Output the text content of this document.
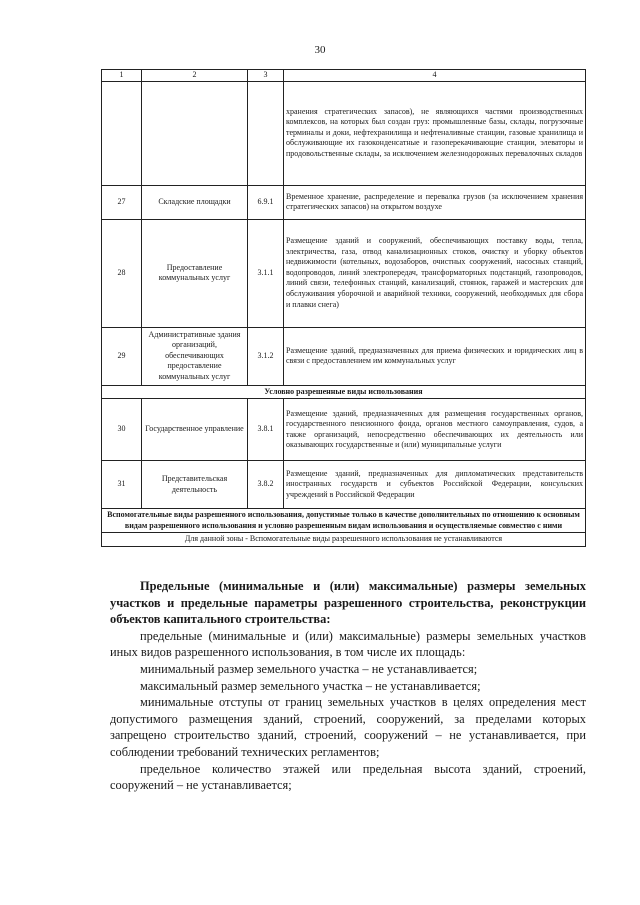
30
1	2	3	4
			хранения стратегических запасов), не являющихся частями производственных комплексов, на которых был создан груз: промышленные базы, склады, погрузочные терминалы и доки, нефтехранилища и нефтеналивные станции, газовые хранилища и обслуживающие их газоконденсатные и газоперекачивающие станции, элеваторы и продовольственные склады, за исключением железнодорожных перевалочных складов
27	Складские площадки	6.9.1	Временное хранение, распределение и перевалка грузов (за исключением хранения стратегических запасов) на открытом воздухе
28	Предоставление коммунальных услуг	3.1.1	Размещение зданий и сооружений, обеспечивающих поставку воды, тепла, электричества, газа, отвод канализационных стоков, очистку и уборку объектов недвижимости (котельных, водозаборов, очистных сооружений, насосных станций, водопроводов, линий электропередач, трансформаторных подстанций, газопроводов, линий связи, телефонных станций, канализаций, стоянок, гаражей и мастерских для обслуживания уборочной и аварийной техники, сооружений, необходимых для сбора и плавки снега)
29	Административные здания организаций, обеспечивающих предоставление коммунальных услуг	3.1.2	Размещение зданий, предназначенных для приема физических и юридических лиц в связи с предоставлением им коммунальных услуг
Условно разрешенные виды использования			
30	Государственное управление	3.8.1	Размещение зданий, предназначенных для размещения государственных органов, государственного пенсионного фонда, органов местного самоуправления, судов, а также организаций, непосредственно обеспечивающих их деятельность или оказывающих государственные и (или) муниципальные услуги
31	Представительская деятельность	3.8.2	Размещение зданий, предназначенных для дипломатических представительств иностранных государств и субъектов Российской Федерации, консульских учреждений в Российской Федерации
Вспомогательные виды разрешенного использования, допустимые только в качестве дополнительных по отношению к основным видам разрешенного использования и условно разрешенным видам использования и осуществляемые совместно с ними			
Для данной зоны - Вспомогательные виды разрешенного использования не устанавливаются			

Предельные (минимальные и (или) максимальные) размеры земельных участков и предельные параметры разрешенного строительства, реконструкции объектов капитального строительства:

предельные (минимальные и (или) максимальные) размеры земельных участков иных видов разрешенного использования, в том числе их площадь:

минимальный размер земельного участка – не устанавливается;

максимальный размер земельного участка – не устанавливается;

минимальные отступы от границ земельных участков в целях определения мест допустимого размещения зданий, строений, сооружений, за пределами которых запрещено строительство зданий, строений, сооружений – не устанавливается, при соблюдении требований технических регламентов;

предельное количество этажей или предельная высота зданий, строений, сооружений – не устанавливается;
